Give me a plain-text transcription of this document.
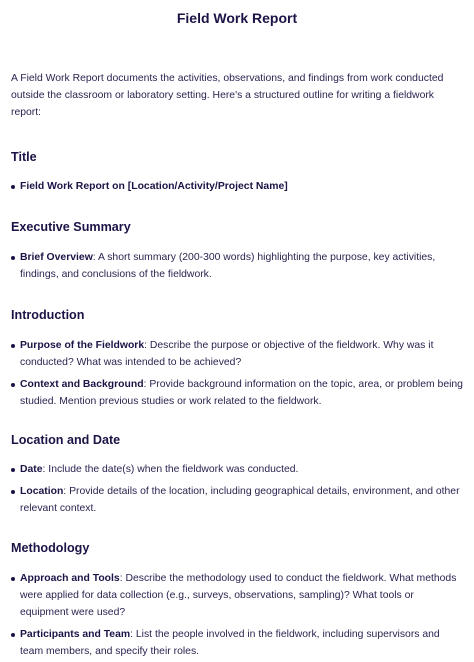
Field Work Report

A Field Work Report documents the activities, observations, and findings from work conducted outside the classroom or laboratory setting. Here's a structured outline for writing a fieldwork report:

Title
Field Work Report on [Location/Activity/Project Name]
Executive Summary
Brief Overview: A short summary (200-300 words) highlighting the purpose, key activities, findings, and conclusions of the fieldwork.
Introduction
Purpose of the Fieldwork: Describe the purpose or objective of the fieldwork. Why was it conducted? What was intended to be achieved?
Context and Background: Provide background information on the topic, area, or problem being studied. Mention previous studies or work related to the fieldwork.
Location and Date
Date: Include the date(s) when the fieldwork was conducted.
Location: Provide details of the location, including geographical details, environment, and other relevant context.
Methodology
Approach and Tools: Describe the methodology used to conduct the fieldwork. What methods were applied for data collection (e.g., surveys, observations, sampling)? What tools or equipment were used?
Participants and Team: List the people involved in the fieldwork, including supervisors and team members, and specify their roles.
